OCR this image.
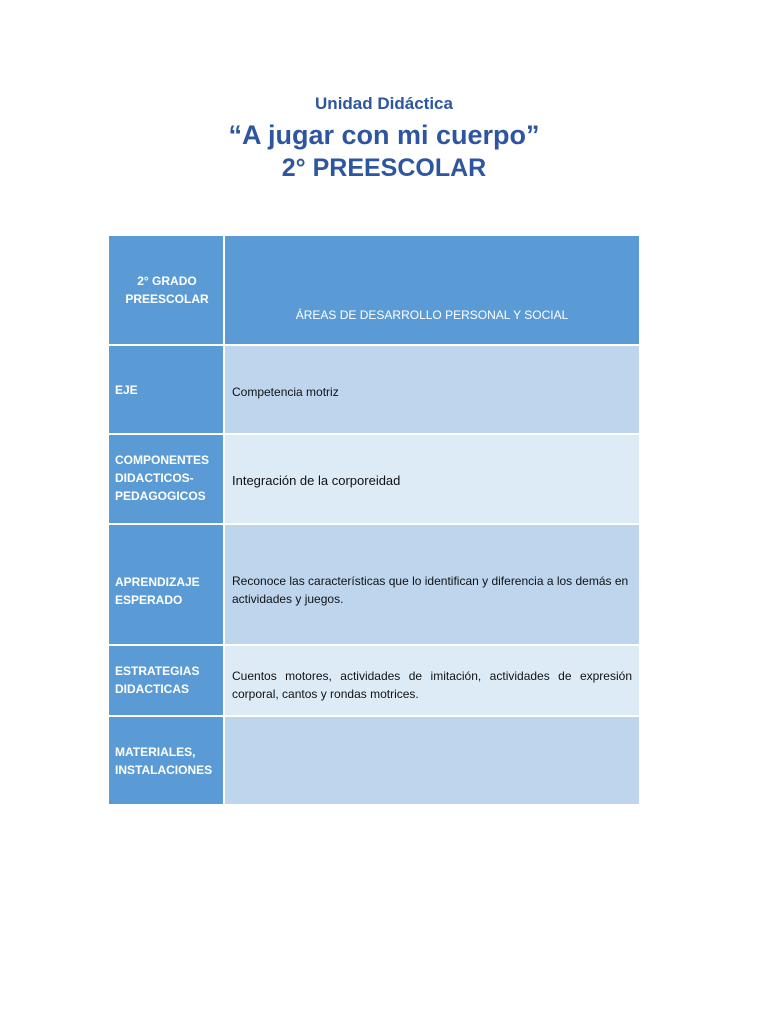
Unidad Didáctica

“A jugar con mi cuerpo”

2° PREESCOLAR

2° GRADO PREESCOLAR	ÁREAS DE DESARROLLO PERSONAL Y SOCIAL
EJE	Competencia motriz
COMPONENTES DIDACTICOS-PEDAGOGICOS	Integración de la corporeidad
APRENDIZAJE ESPERADO	Reconoce las características que lo identifican y diferencia a los demás en actividades y juegos.
ESTRATEGIAS DIDACTICAS	Cuentos motores, actividades de imitación, actividades de expresión corporal, cantos y rondas motrices.
MATERIALES, INSTALACIONES	
